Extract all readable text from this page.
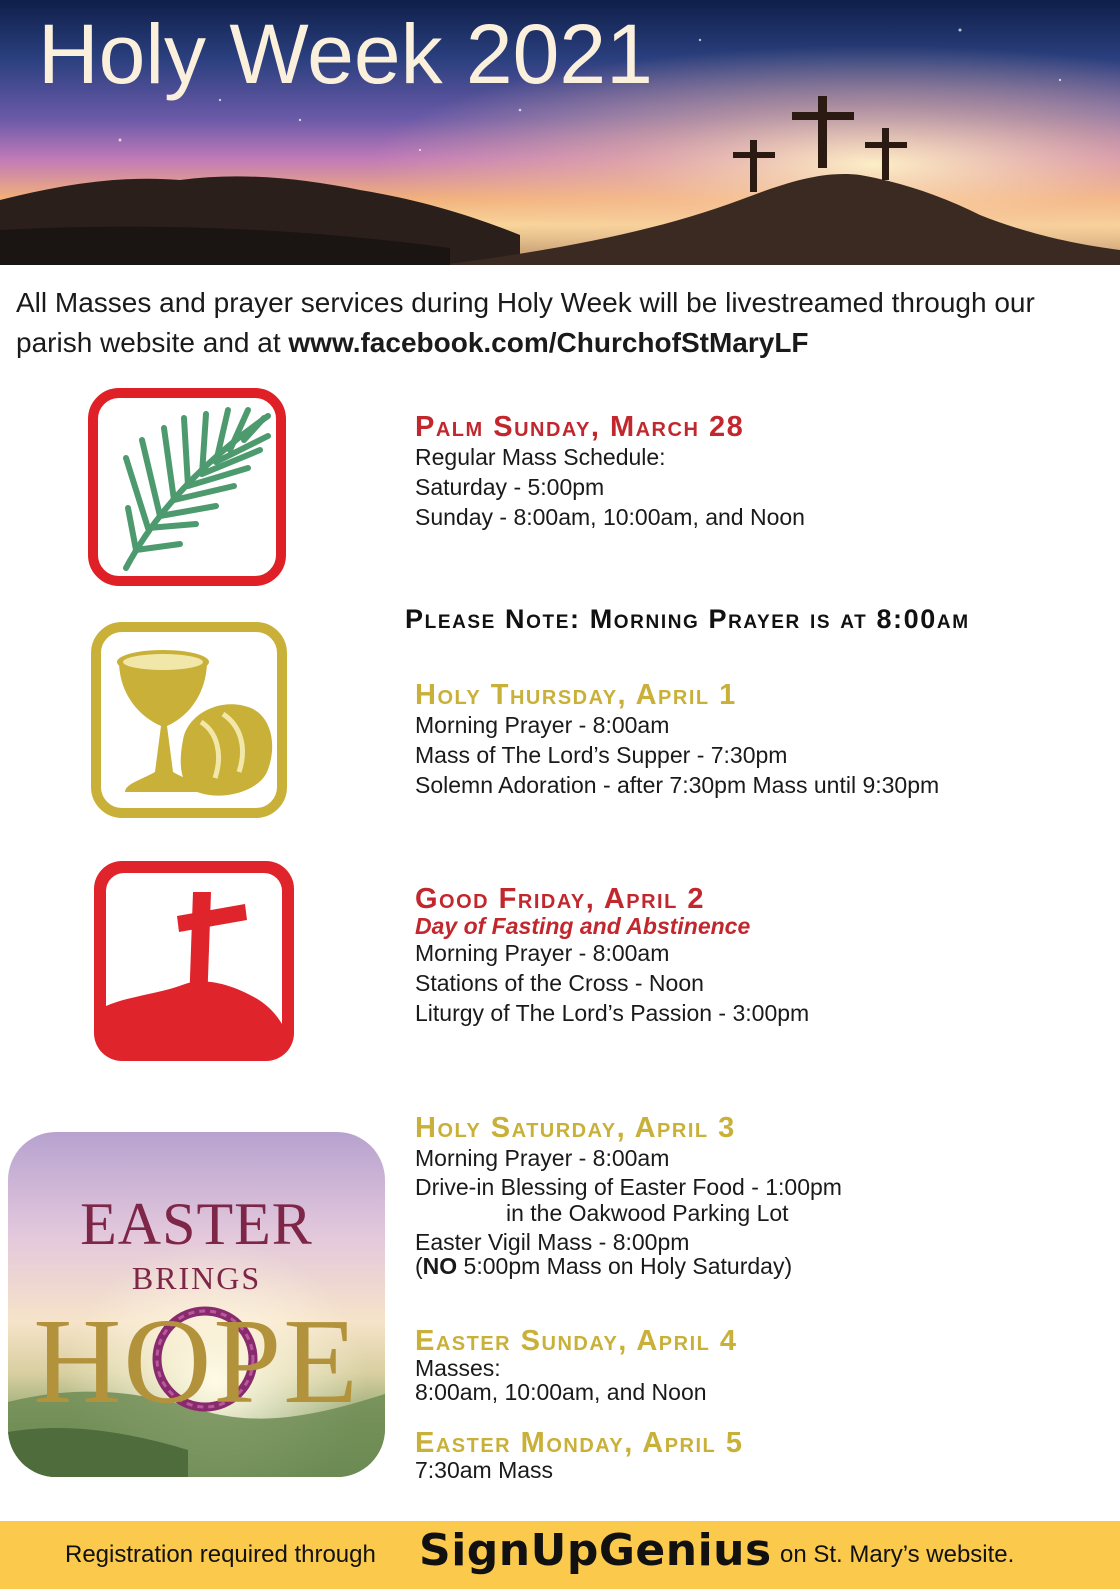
Holy Week 2021
All Masses and prayer services during Holy Week will be livestreamed through our parish website and at www.facebook.com/ChurchofStMaryLF
Palm Sunday, March 28
Regular Mass Schedule:
Saturday - 5:00pm
Sunday - 8:00am, 10:00am, and Noon
Please Note: Morning Prayer is at 8:00am
Holy Thursday, April 1
Morning Prayer - 8:00am
Mass of The Lord’s Supper - 7:30pm
Solemn Adoration - after 7:30pm Mass until 9:30pm
Good Friday, April 2
Day of Fasting and Abstinence
Morning Prayer - 8:00am
Stations of the Cross - Noon
Liturgy of The Lord’s Passion - 3:00pm
EASTER
BRINGS
HOPE
Holy Saturday, April 3
Morning Prayer - 8:00am
Drive-in Blessing of Easter Food - 1:00pm
in the Oakwood Parking Lot
Easter Vigil Mass - 8:00pm
(NO 5:00pm Mass on Holy Saturday)
Easter Sunday, April 4
Masses:
8:00am, 10:00am, and Noon
Easter Monday, April 5
7:30am Mass
Registration required through SignUpGenius on St. Mary’s website.
